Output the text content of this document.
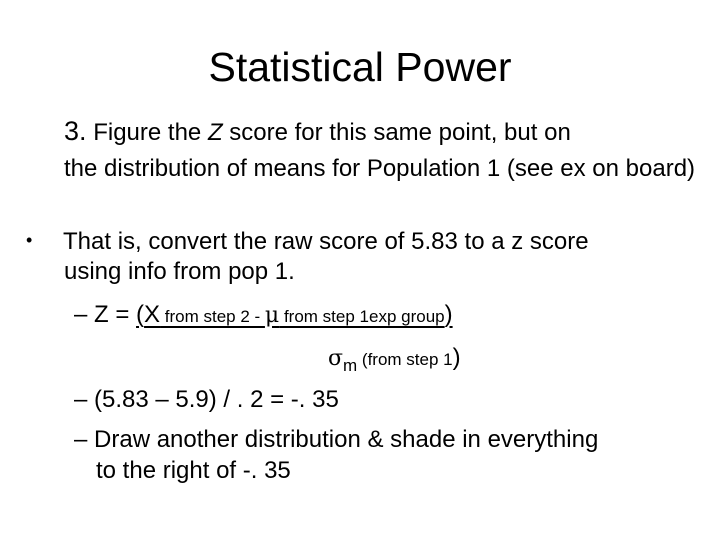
Statistical Power
3. Figure the Z score for this same point, but on
the distribution of means for Population 1 (see ex on board)
• That is, convert the raw score of 5.83 to a z score
using info from pop 1.
– Z = (X from step 2 - μ from step 1exp group)
$\sigma_m$ (from step 1)
– (5.83 – 5.9) / . 2 = -. 35
– Draw another distribution & shade in everything
to the right of -. 35
